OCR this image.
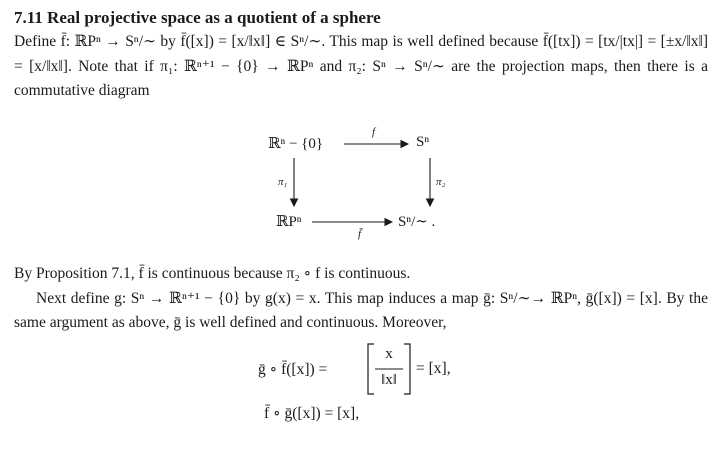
7.11 Real projective space as a quotient of a sphere

Define f̄: ℝPⁿ → Sⁿ/∼ by f̄([x]) = [x/‖x‖] ∈ Sⁿ/∼. This map is well defined because f̄([tx]) = [tx/|tx|] = [±x/‖x‖] = [x/‖x‖]. Note that if π₁: ℝⁿ⁺¹ − {0} → ℝPⁿ and π₂: Sⁿ → Sⁿ/∼ are the projection maps, then there is a commutative diagram

ℝⁿ − {0}	Sⁿ
ℝPⁿ	Sⁿ/∼ .
f
f̄
π₁	π₂

By Proposition 7.1, f̄ is continuous because π₂ ∘ f is continuous.

Next define g: Sⁿ → ℝⁿ⁺¹ − {0} by g(x) = x. This map induces a map ḡ: Sⁿ/∼→ ℝPⁿ, ḡ([x]) = [x]. By the same argument as above, ḡ is well defined and continuous. Moreover,

ḡ ∘ f̄([x]) =
x
‖x‖
= [x],
f̄ ∘ ḡ([x]) = [x],
